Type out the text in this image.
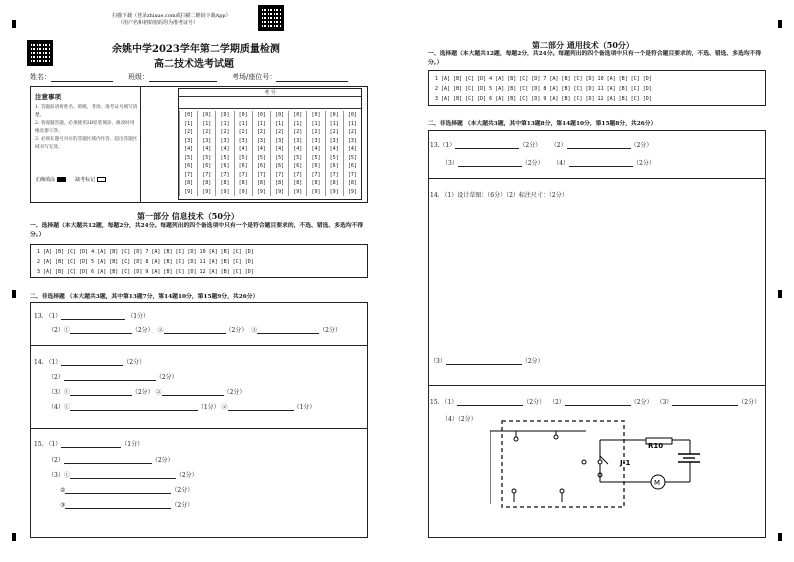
扫描下载（登录zhixue.com或扫描二维码下载App）
（用户名和初始密码均为准考证号）
余姚中学2023学年第二学期质量检测
高二技术选考试题
姓名：	班级：	考场/座位号：
注意事项
1. 答题前请将姓名、班级、考场、准考证号填写清楚。
2. 客观题答题，必须使用2B铅笔填涂，修改时用橡皮擦干净。
3. 必须在题号对应的答题区域内作答，超出答题区域书写无效。
正确填涂	缺考标记
考 号
[0]	[0]	[0]	[0]	[0]	[0]	[0]	[0]	[0]	[0]
[1]	[1]	[1]	[1]	[1]	[1]	[1]	[1]	[1]	[1]
[2]	[2]	[2]	[2]	[2]	[2]	[2]	[2]	[2]	[2]
[3]	[3]	[3]	[3]	[3]	[3]	[3]	[3]	[3]	[3]
[4]	[4]	[4]	[4]	[4]	[4]	[4]	[4]	[4]	[4]
[5]	[5]	[5]	[5]	[5]	[5]	[5]	[5]	[5]	[5]
[6]	[6]	[6]	[6]	[6]	[6]	[6]	[6]	[6]	[6]
[7]	[7]	[7]	[7]	[7]	[7]	[7]	[7]	[7]	[7]
[8]	[8]	[8]	[8]	[8]	[8]	[8]	[8]	[8]	[8]
[9]	[9]	[9]	[9]	[9]	[9]	[9]	[9]	[9]	[9]
第一部分 信息技术（50分）
一、选择题（本大题共12题，每题2分，共24分。每题列出的四个备选项中只有一个是符合题目要求的，不选、错选、多选均不得分。）
1 [A] [B] [C] [D] 4 [A] [B] [C] [D] 7 [A] [B] [C] [D] 10 [A] [B] [C] [D]
2 [A] [B] [C] [D] 5 [A] [B] [C] [D] 8 [A] [B] [C] [D] 11 [A] [B] [C] [D]
3 [A] [B] [C] [D] 6 [A] [B] [C] [D] 9 [A] [B] [C] [D] 12 [A] [B] [C] [D]
二、非选择题 （本大题共3题，其中第13题7分，第14题10分，第15题9分，共26分）
13. （1）	（1分）
（2）①	（2分） ②	（2分） ③	（2分）
14. （1）	（2分）
（2）	（2分）
（3）①	（2分） ②	（2分）
（4）①	（1分） ②	（1分）
15. （1）	（1分）
（2）	（2分）
（3）①	（2分）
②	（2分）
③	（2分）
第二部分 通用技术（50分）
一、选择题（本大题共12题，每题2分，共24分。每题列出的四个备选项中只有一个是符合题目要求的，不选、错选、多选均不得分。）
1 [A] [B] [C] [D] 4 [A] [B] [C] [D] 7 [A] [B] [C] [D] 10 [A] [B] [C] [D]
2 [A] [B] [C] [D] 5 [A] [B] [C] [D] 8 [A] [B] [C] [D] 11 [A] [B] [C] [D]
3 [A] [B] [C] [D] 6 [A] [B] [C] [D] 9 [A] [B] [C] [D] 12 [A] [B] [C] [D]
二、非选择题 （本大题共3题，其中第13题8分，第14题10分，第15题8分，共26分）
13.（1）	（2分） （2）	（2分）
（3）	（2分） （4）	（2分）
14. （1）设计草图：（6分）（2）标注尺寸：（2分）
（3）	（2分）
15. （1）	（2分） （2）	（2分） （3）	（2分）
（4）（2分）
R10
J-1
M
